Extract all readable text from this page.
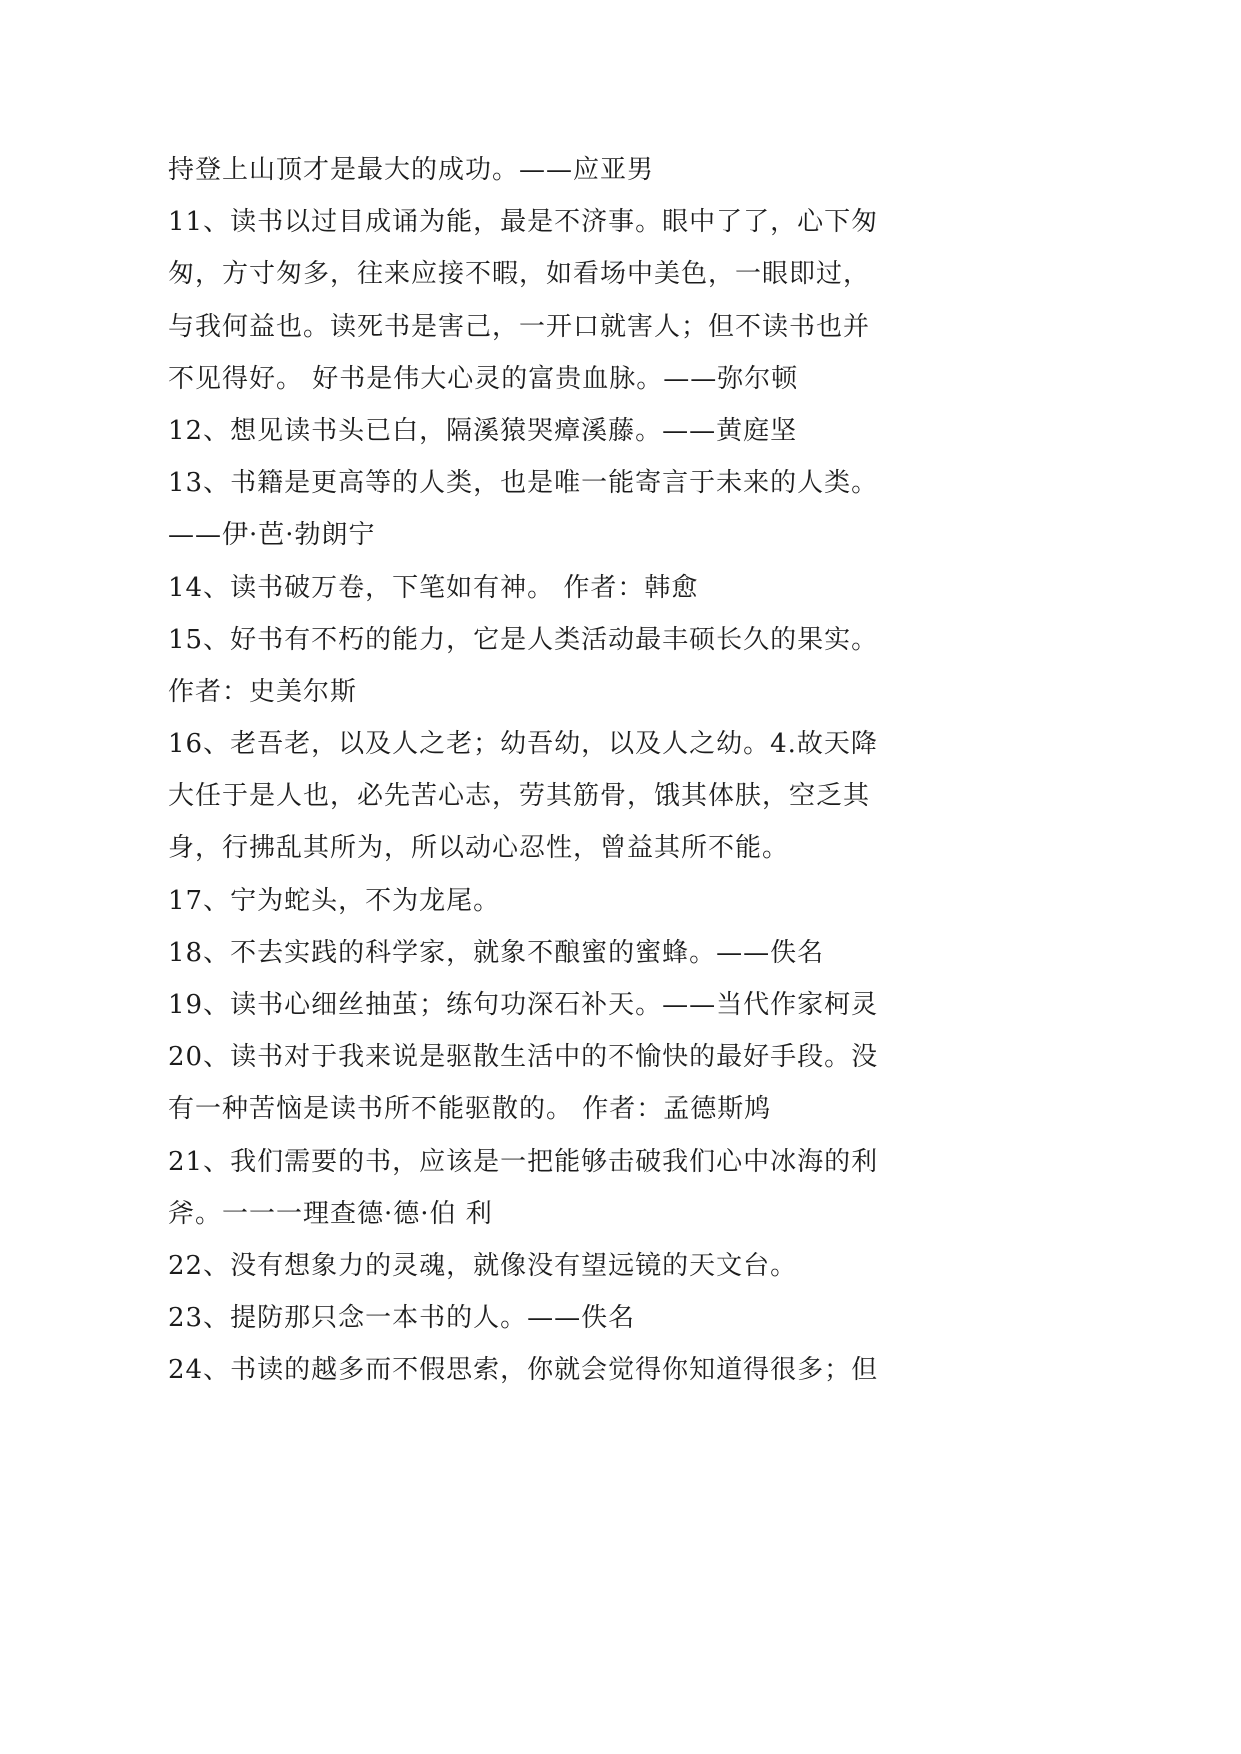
持登上山顶才是最大的成功。——应亚男
11、读书以过目成诵为能，最是不济事。眼中了了，心下匆
匆，方寸匆多，往来应接不暇，如看场中美色，一眼即过，
与我何益也。读死书是害己，一开口就害人；但不读书也并
不见得好。 好书是伟大心灵的富贵血脉。——弥尔顿
12、想见读书头已白，隔溪猿哭瘴溪藤。——黄庭坚
13、书籍是更高等的人类，也是唯一能寄言于未来的人类。
——伊·芭·勃朗宁
14、读书破万卷，下笔如有神。 作者：韩愈
15、好书有不朽的能力，它是人类活动最丰硕长久的果实。
作者：史美尔斯
16、老吾老，以及人之老；幼吾幼，以及人之幼。4.故天降
大任于是人也，必先苦心志，劳其筋骨，饿其体肤，空乏其
身，行拂乱其所为，所以动心忍性，曾益其所不能。
17、宁为蛇头，不为龙尾。
18、不去实践的科学家，就象不酿蜜的蜜蜂。——佚名
19、读书心细丝抽茧；练句功深石补天。——当代作家柯灵
20、读书对于我来说是驱散生活中的不愉快的最好手段。没
有一种苦恼是读书所不能驱散的。 作者：孟德斯鸠
21、我们需要的书，应该是一把能够击破我们心中冰海的利
斧。一一一理查德·德·伯 利
22、没有想象力的灵魂，就像没有望远镜的天文台。
23、提防那只念一本书的人。——佚名
24、书读的越多而不假思索，你就会觉得你知道得很多；但
